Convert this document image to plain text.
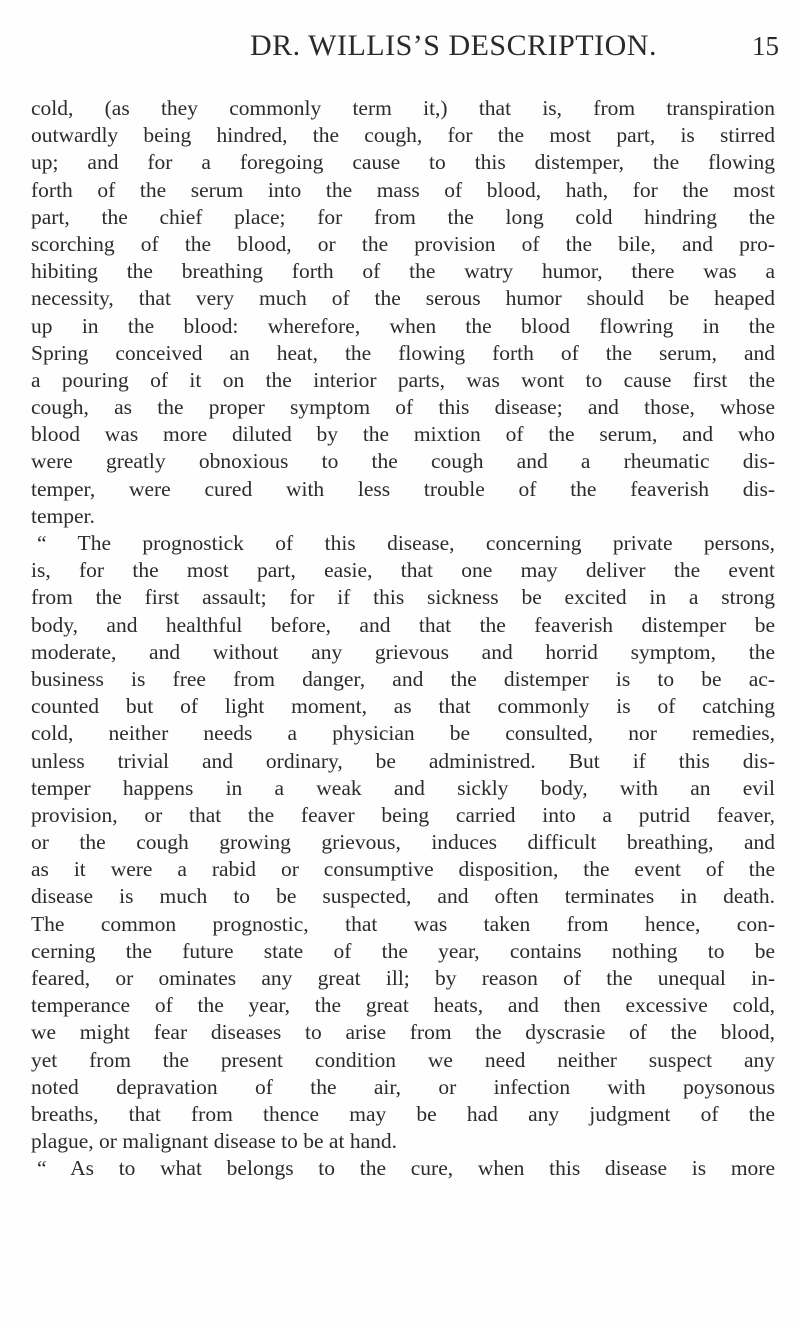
DR. WILLIS’S DESCRIPTION.	15
cold, (as they commonly term it,) that is, from transpiration
outwardly being hindred, the cough, for the most part, is stirred
up; and for a foregoing cause to this distemper, the flowing
forth of the serum into the mass of blood, hath, for the most
part, the chief place; for from the long cold hindring the
scorching of the blood, or the provision of the bile, and pro-
hibiting the breathing forth of the watry humor, there was a
necessity, that very much of the serous humor should be heaped
up in the blood: wherefore, when the blood flowring in the
Spring conceived an heat, the flowing forth of the serum, and
a pouring of it on the interior parts, was wont to cause first the
cough, as the proper symptom of this disease; and those, whose
blood was more diluted by the mixtion of the serum, and who
were greatly obnoxious to the cough and a rheumatic dis-
temper, were cured with less trouble of the feaverish dis-
temper.
“ The prognostick of this disease, concerning private persons,
is, for the most part, easie, that one may deliver the event
from the first assault; for if this sickness be excited in a strong
body, and healthful before, and that the feaverish distemper be
moderate, and without any grievous and horrid symptom, the
business is free from danger, and the distemper is to be ac-
counted but of light moment, as that commonly is of catching
cold, neither needs a physician be consulted, nor remedies,
unless trivial and ordinary, be administred. But if this dis-
temper happens in a weak and sickly body, with an evil
provision, or that the feaver being carried into a putrid feaver,
or the cough growing grievous, induces difficult breathing, and
as it were a rabid or consumptive disposition, the event of the
disease is much to be suspected, and often terminates in death.
The common prognostic, that was taken from hence, con-
cerning the future state of the year, contains nothing to be
feared, or ominates any great ill; by reason of the unequal in-
temperance of the year, the great heats, and then excessive cold,
we might fear diseases to arise from the dyscrasie of the blood,
yet from the present condition we need neither suspect any
noted depravation of the air, or infection with poysonous
breaths, that from thence may be had any judgment of the
plague, or malignant disease to be at hand.
“ As to what belongs to the cure, when this disease is more
